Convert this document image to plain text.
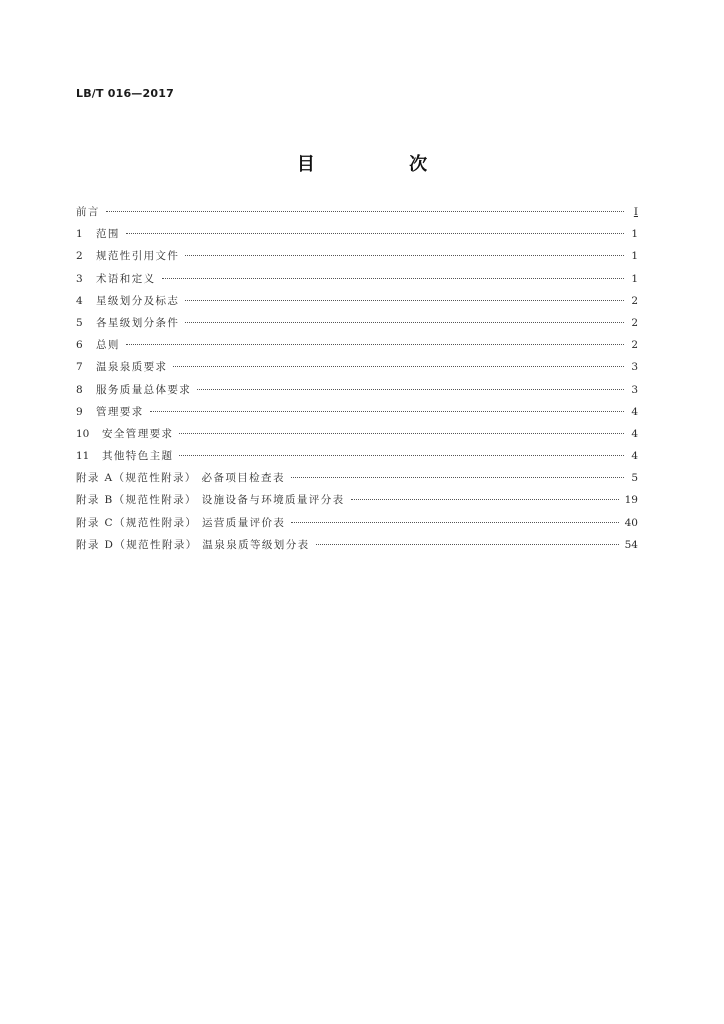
LB/T 016—2017
目 次
前言	I
1	范围	1
2	规范性引用文件	1
3	术语和定义	1
4	星级划分及标志	2
5	各星级划分条件	2
6	总则	2
7	温泉泉质要求	3
8	服务质量总体要求	3
9	管理要求	4
10	安全管理要求	4
11	其他特色主题	4
附录 A（规范性附录） 必备项目检查表	5
附录 B（规范性附录） 设施设备与环境质量评分表	19
附录 C（规范性附录） 运营质量评价表	40
附录 D（规范性附录） 温泉泉质等级划分表	54
